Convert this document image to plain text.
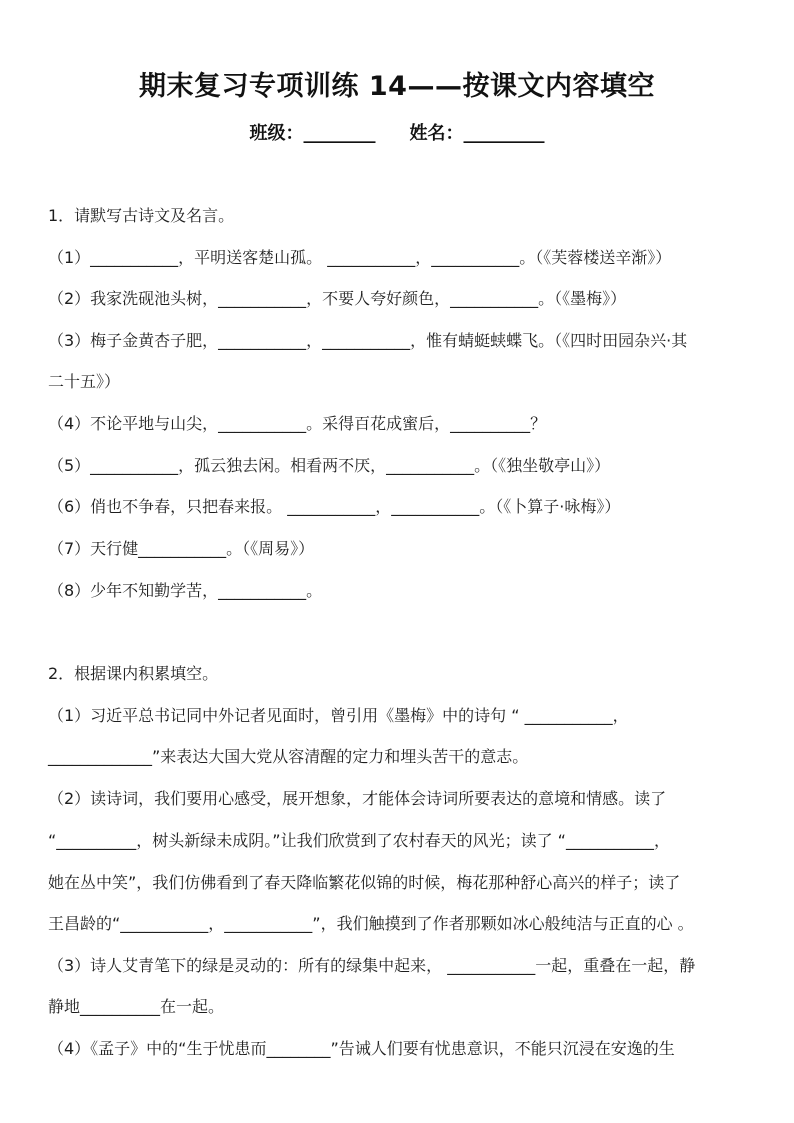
期末复习专项训练 14——按课文内容填空
班级：________ 姓名：_________
1．请默写古诗文及名言。
（1）___________，平明送客楚山孤。 ___________，___________。（《芙蓉楼送辛渐》）
（2）我家洗砚池头树，___________，不要人夸好颜色，___________。（《墨梅》）
（3）梅子金黄杏子肥，___________，___________，惟有蜻蜓蛱蝶飞。（《四时田园杂兴·其
二十五》）
（4）不论平地与山尖，___________。采得百花成蜜后，__________？
（5）___________，孤云独去闲。相看两不厌，___________。（《独坐敬亭山》）
（6）俏也不争春，只把春来报。 ___________，___________。（《卜算子·咏梅》）
（7）天行健___________。（《周易》）
（8）少年不知勤学苦，___________。
2．根据课内积累填空。
（1）习近平总书记同中外记者见面时，曾引用《墨梅》中的诗句 “ ___________，
_____________”来表达大国大党从容清醒的定力和埋头苦干的意志。
（2）读诗词，我们要用心感受，展开想象，才能体会诗词所要表达的意境和情感。读了
“__________，树头新绿未成阴。”让我们欣赏到了农村春天的风光；读了 “___________，
她在丛中笑”，我们仿佛看到了春天降临繁花似锦的时候，梅花那种舒心高兴的样子；读了
王昌龄的“___________，___________”，我们触摸到了作者那颗如冰心般纯洁与正直的心 。
（3）诗人艾青笔下的绿是灵动的：所有的绿集中起来， ___________一起，重叠在一起，静
静地__________在一起。
（4）《孟子》中的“生于忧患而________”告诫人们要有忧患意识，不能只沉浸在安逸的生
